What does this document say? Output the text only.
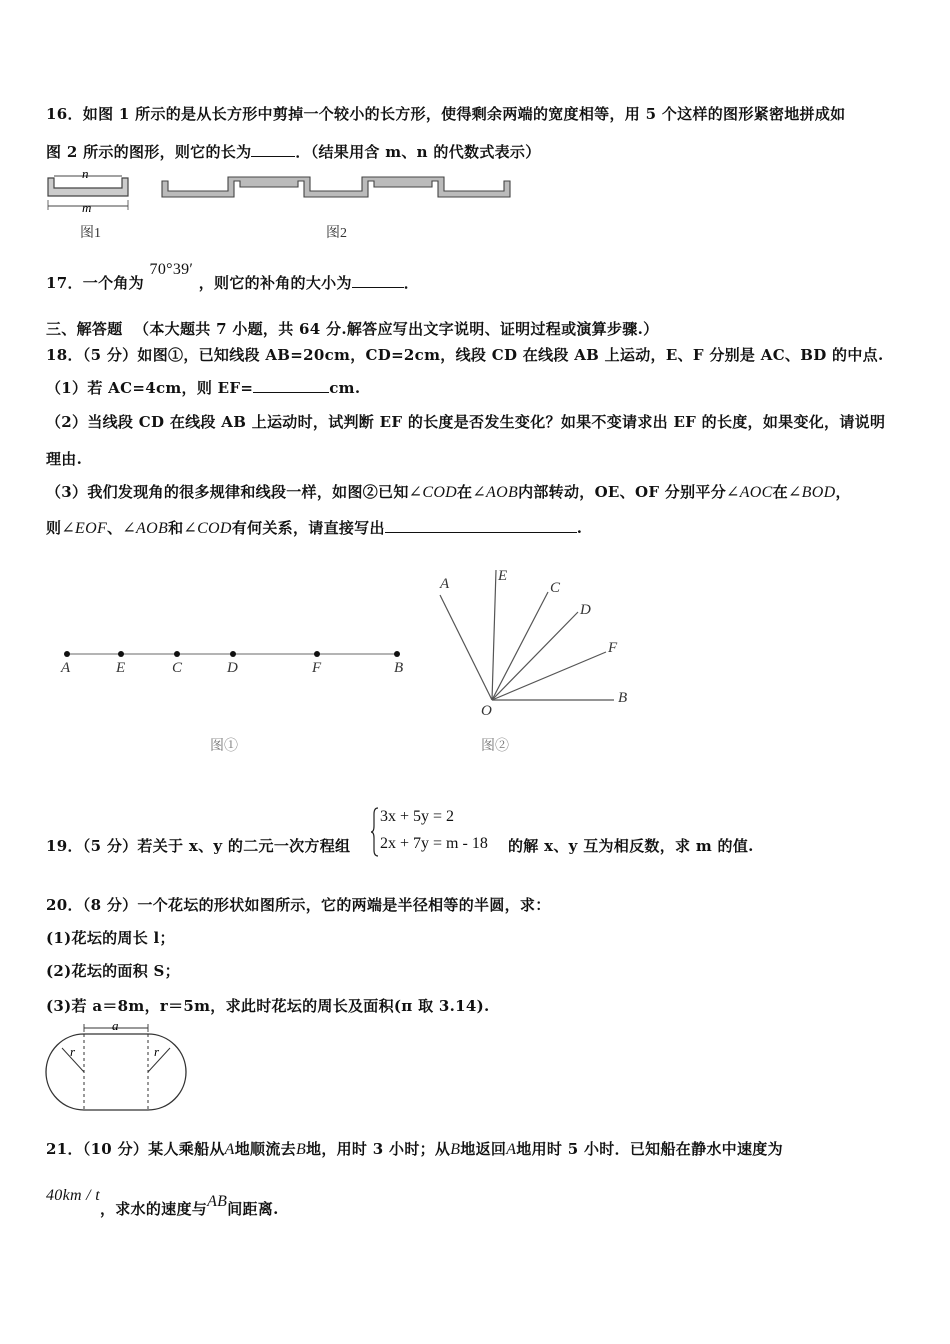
16．如图 1 所示的是从长方形中剪掉一个较小的长方形，使得剩余两端的宽度相等，用 5 个这样的图形紧密地拼成如
图 2 所示的图形，则它的长为	．（结果用含 m、n 的代数式表示）
n
m
图1	图2
17．一个角为 70°39′ ，则它的补角的大小为	．
三、解答题 （本大题共 7 小题，共 64 分.解答应写出文字说明、证明过程或演算步骤.）
18．（5 分）如图①，已知线段 AB=20cm，CD=2cm，线段 CD 在线段 AB 上运动，E、F 分别是 AC、BD 的中点.
（1）若 AC=4cm，则 EF=	cm.
（2）当线段 CD 在线段 AB 上运动时，试判断 EF 的长度是否发生变化？如果不变请求出 EF 的长度，如果变化，请说明
理由.
（3）我们发现角的很多规律和线段一样，如图②已知∠COD在∠AOB内部转动，OE、OF 分别平分∠AOC在∠BOD，
则∠EOF、∠AOB和∠COD有何关系，请直接写出	.
A	E	C	D	F	B
图①
A	E
C
D
F
B
O
图②
19．（5 分）若关于 x、y 的二元一次方程组
3x + 5y = 2
2x + 7y = m - 18 的解 x、y 互为相反数，求 m 的值.
20．（8 分）一个花坛的形状如图所示，它的两端是半径相等的半圆，求：
(1)花坛的周长 l；
(2)花坛的面积 S；
(3)若 a＝8m，r＝5m，求此时花坛的周长及面积(π 取 3.14).
a
r	r
21．（10 分）某人乘船从A地顺流去B地，用时 3 小时；从B地返回A地用时 5 小时．已知船在静水中速度为
40km / t，求水的速度与AB间距离.
